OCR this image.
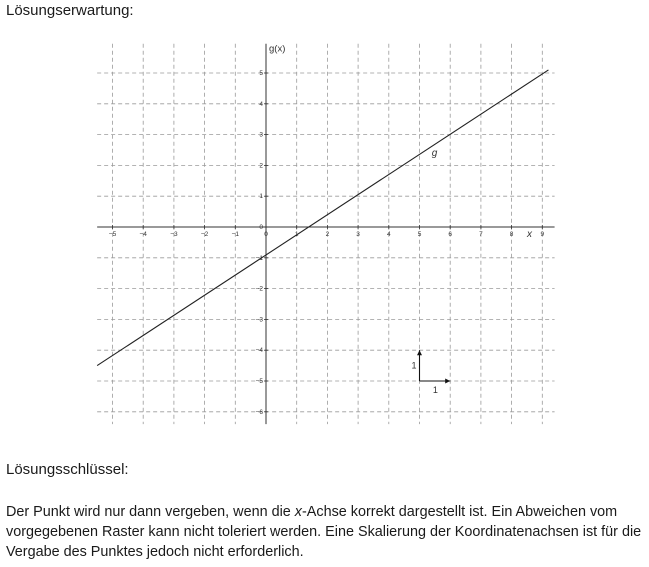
Lösungserwartung:
x
g(x)
−5	−4	−3	−2	−1	0	1	2	3	4	5	6	7	8	9
−6
−5
−4
−3
−2
−1
0
1
2
3
4
5
g
1
1
Lösungsschlüssel:
Der Punkt wird nur dann vergeben, wenn die x-Achse korrekt dargestellt ist. Ein Abweichen vom vorgegebenen Raster kann nicht toleriert werden. Eine Skalierung der Koordinatenachsen ist für die Vergabe des Punktes jedoch nicht erforderlich.
